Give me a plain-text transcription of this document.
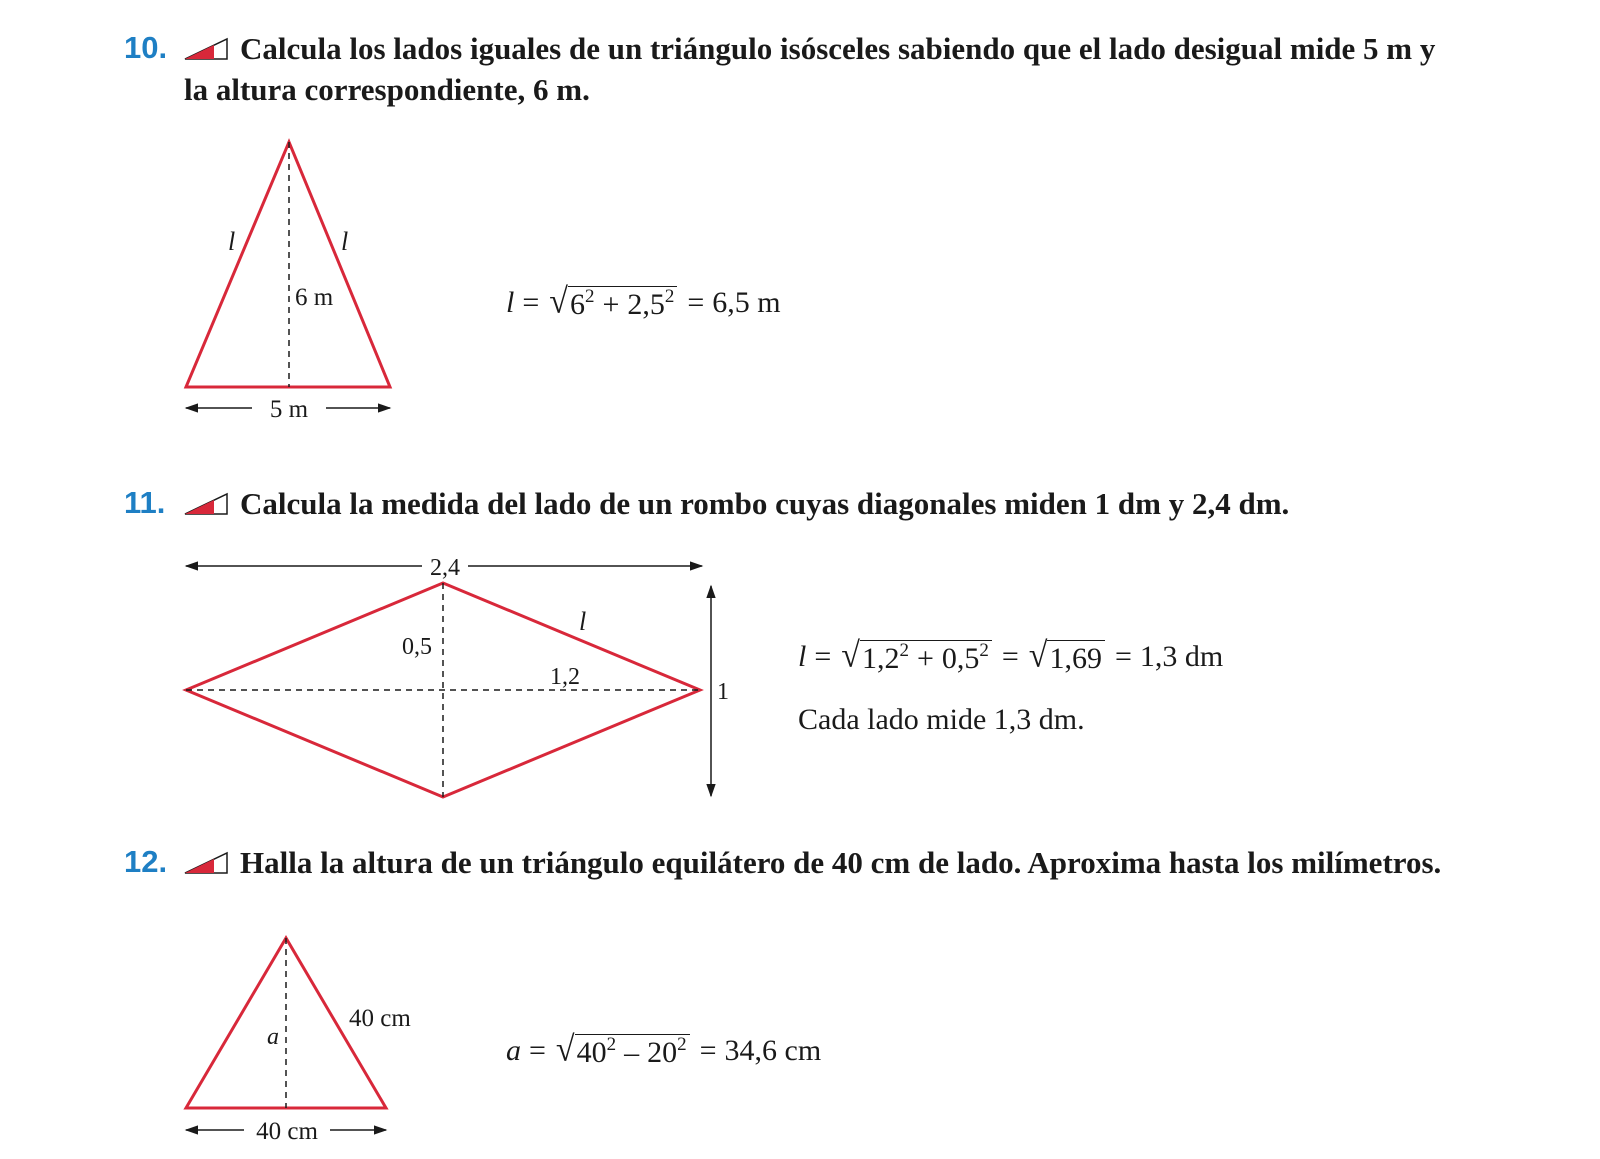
10.	Calcula los lados iguales de un triángulo isósceles sabiendo que el lado desigual mide 5 m y la altura correspondiente, 6 m.
l	l
6 m
5 m
l = √ $6^2 + 2,5^2 = 6,5$ m
11.	Calcula la medida del lado de un rombo cuyas diagonales miden 1 dm y 2,4 dm.
2,4
0,5
1,2
l
1
l = √ $1,2^2 + 0,5^2$ = √ 1,69 = 1,3 dm
Cada lado mide 1,3 dm.
12.	Halla la altura de un triángulo equilátero de 40 cm de lado. Aproxima hasta los milímetros.
a
40 cm
40 cm
a = √ $40^2 - 20^2 = 34,6$ cm
